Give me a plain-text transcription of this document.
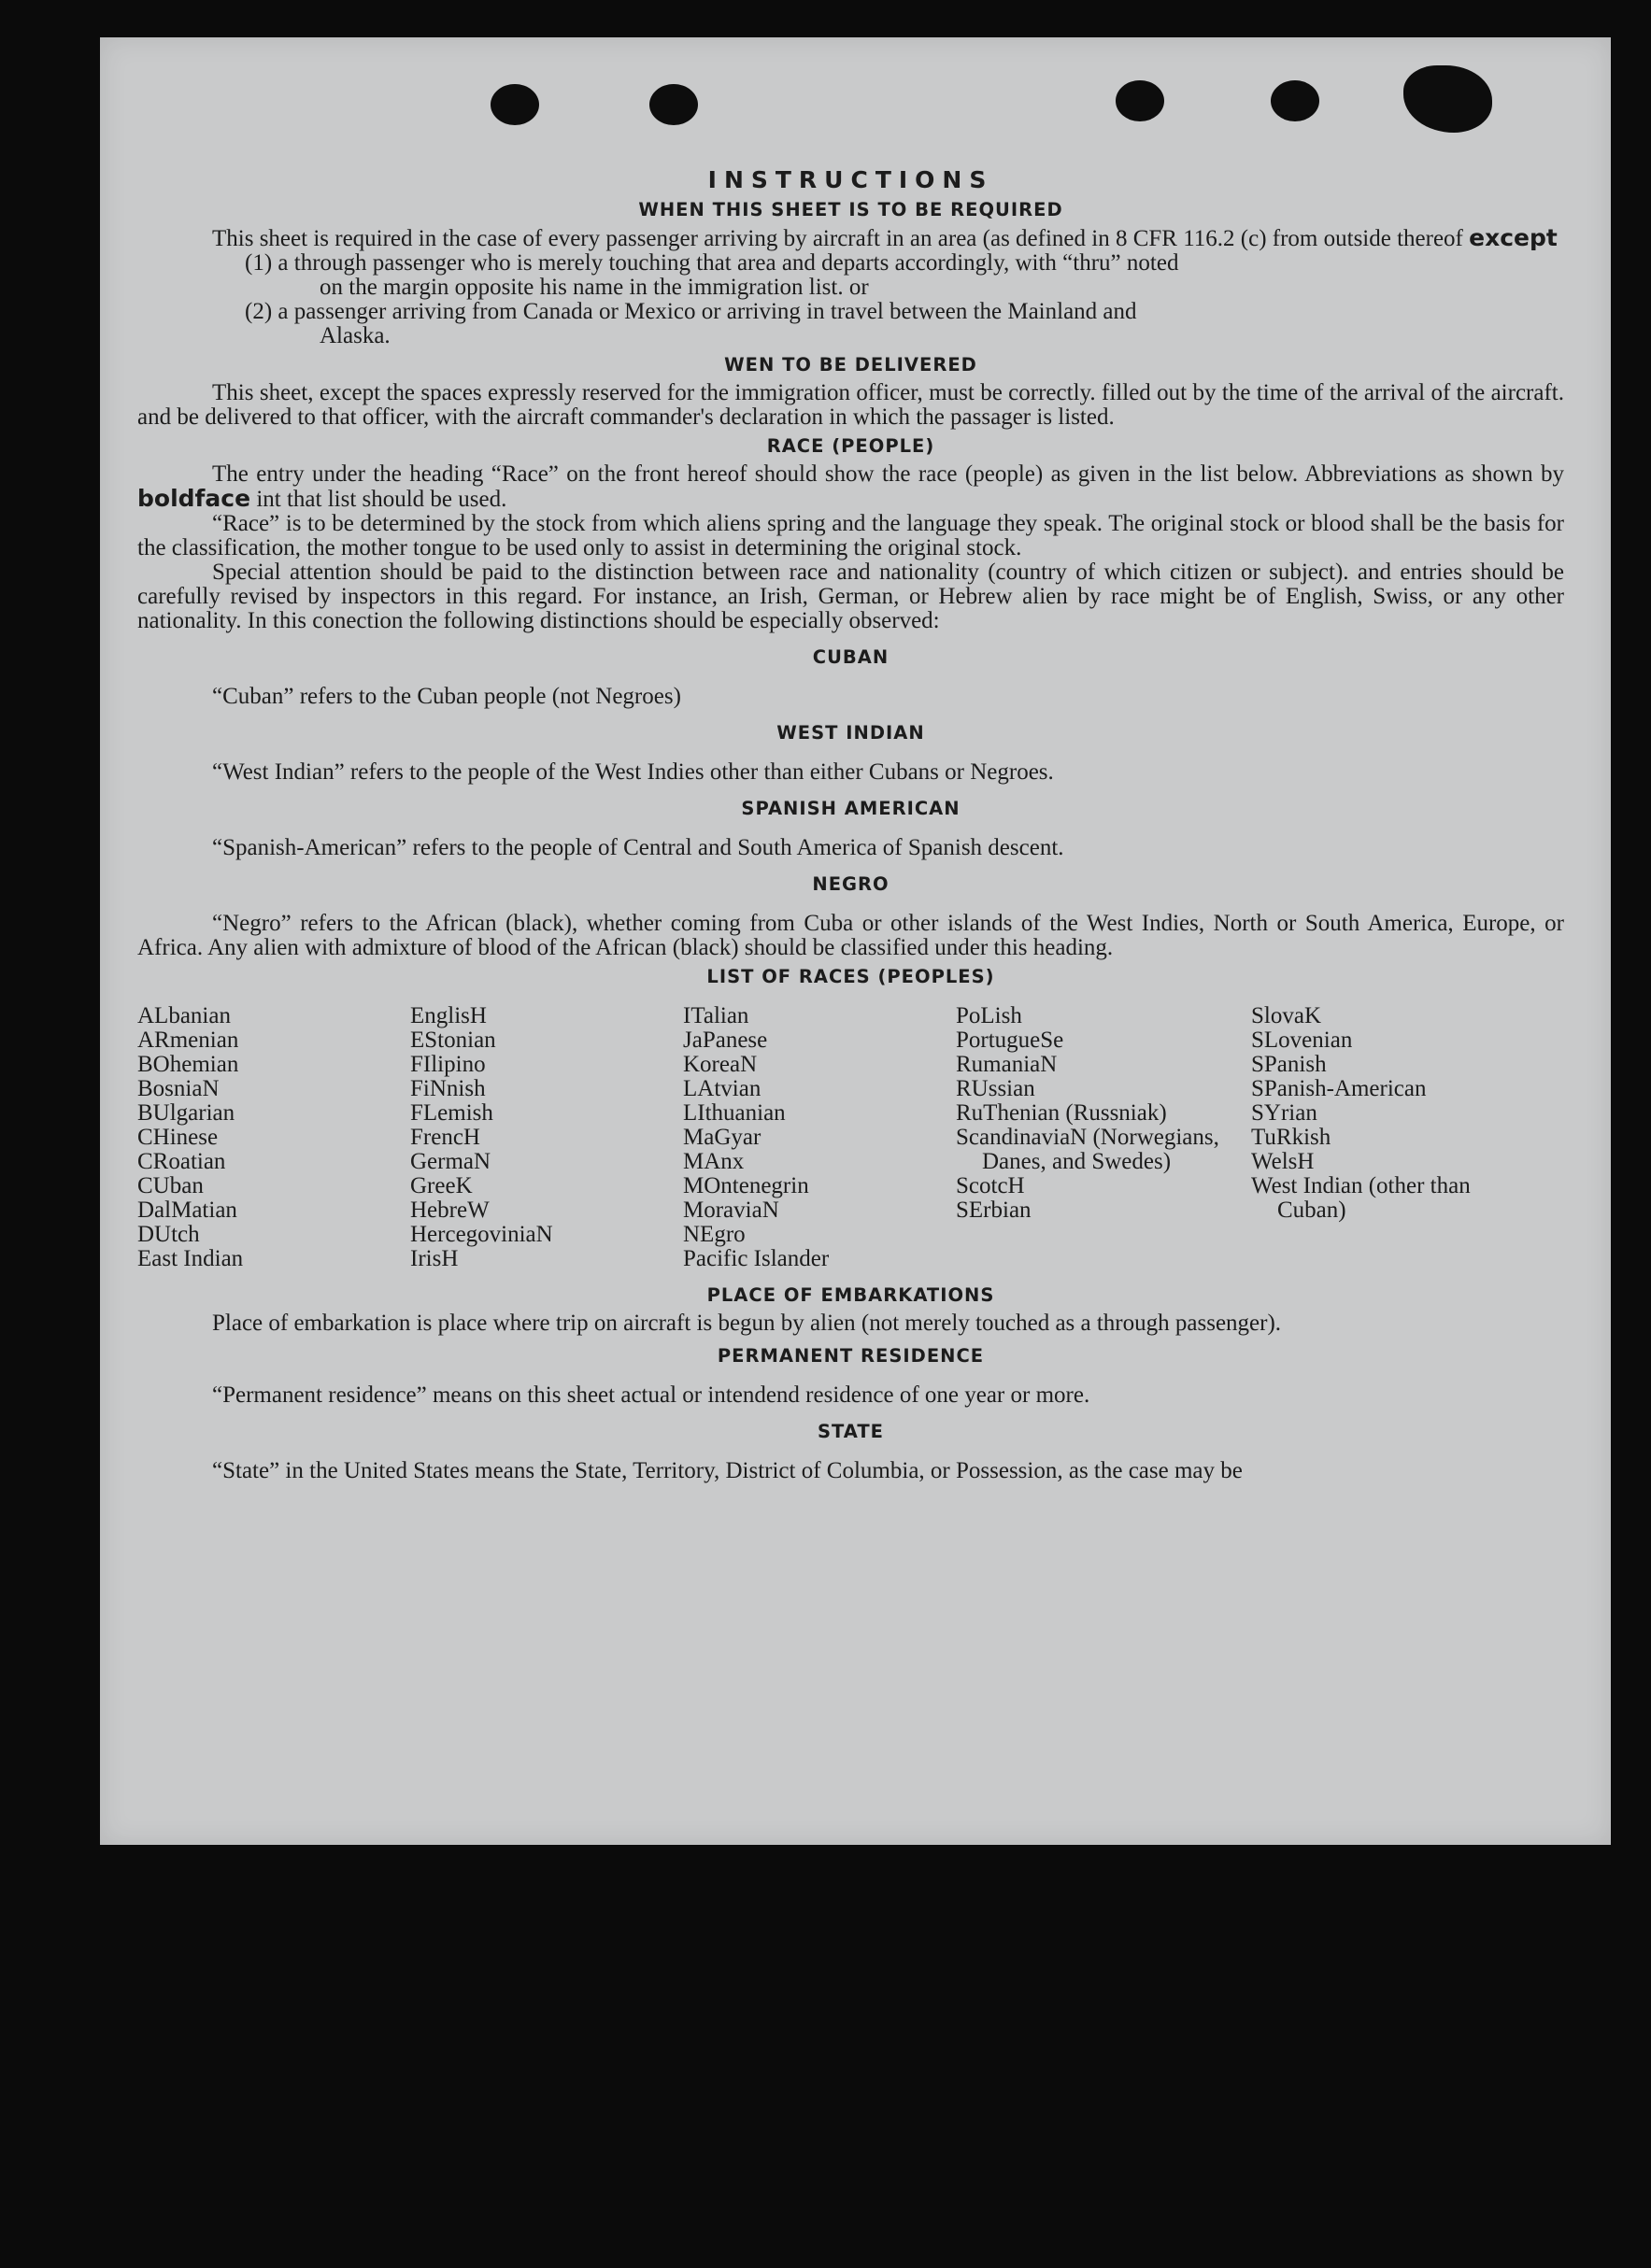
INSTRUCTIONS
WHEN THIS SHEET IS TO BE REQUIRED

This sheet is required in the case of every passenger arriving by aircraft in an area (as defined in 8 CFR 116.2 (c) from outside thereof except

(1) a through passenger who is merely touching that area and departs accordingly, with “thru” noted
on the margin opposite his name in the immigration list. or

(2) a passenger arriving from Canada or Mexico or arriving in travel between the Mainland and
Alaska.

WEN TO BE DELIVERED

This sheet, except the spaces expressly reserved for the immigration officer, must be correctly. filled out by the time of the arrival of the aircraft. and be delivered to that officer, with the aircraft commander's declaration in which the passager is listed.

RACE (PEOPLE)

The entry under the heading “Race” on the front hereof should show the race (people) as given in the list below. Abbreviations as shown by boldface int that list should be used.

“Race” is to be determined by the stock from which aliens spring and the language they speak. The original stock or blood shall be the basis for the classification, the mother tongue to be used only to assist in determining the original stock.

Special attention should be paid to the distinction between race and nationality (country of which citizen or subject). and entries should be carefully revised by inspectors in this regard. For instance, an Irish, German, or Hebrew alien by race might be of English, Swiss, or any other nationality. In this conection the following distinctions should be especially observed:

CUBAN

“Cuban” refers to the Cuban people (not Negroes)

WEST INDIAN

“West Indian” refers to the people of the West Indies other than either Cubans or Negroes.

SPANISH AMERICAN

“Spanish-American” refers to the people of Central and South America of Spanish descent.

NEGRO

“Negro” refers to the African (black), whether coming from Cuba or other islands of the West Indies, North or South America, Europe, or Africa. Any alien with admixture of blood of the African (black) should be classified under this heading.

LIST OF RACES (PEOPLES)
ALbanian
ARmenian
BOhemian
BosniaN
BUlgarian
CHinese
CRoatian
CUban
DalMatian
DUtch
East Indian
EnglisH
EStonian
FIlipino
FiNnish
FLemish
FrencH
GermaN
GreeK
HebreW
HercegoviniaN
IrisH
ITalian
JaPanese
KoreaN
LAtvian
LIthuanian
MaGyar
MAnx
MOntenegrin
MoraviaN
NEgro
Pacific Islander
PoLish
PortugueSe
RumaniaN
RUssian
RuThenian (Russniak)
ScandinaviaN (Norwegians, Danes, and Swedes)
ScotcH
SErbian
SlovaK
SLovenian
SPanish
SPanish-American
SYrian
TuRkish
WelsH
West Indian (other than Cuban)
PLACE OF EMBARKATIONS

Place of embarkation is place where trip on aircraft is begun by alien (not merely touched as a through passenger).

PERMANENT RESIDENCE

“Permanent residence” means on this sheet actual or intendend residence of one year or more.

STATE

“State” in the United States means the State, Territory, District of Columbia, or Possession, as the case may be
